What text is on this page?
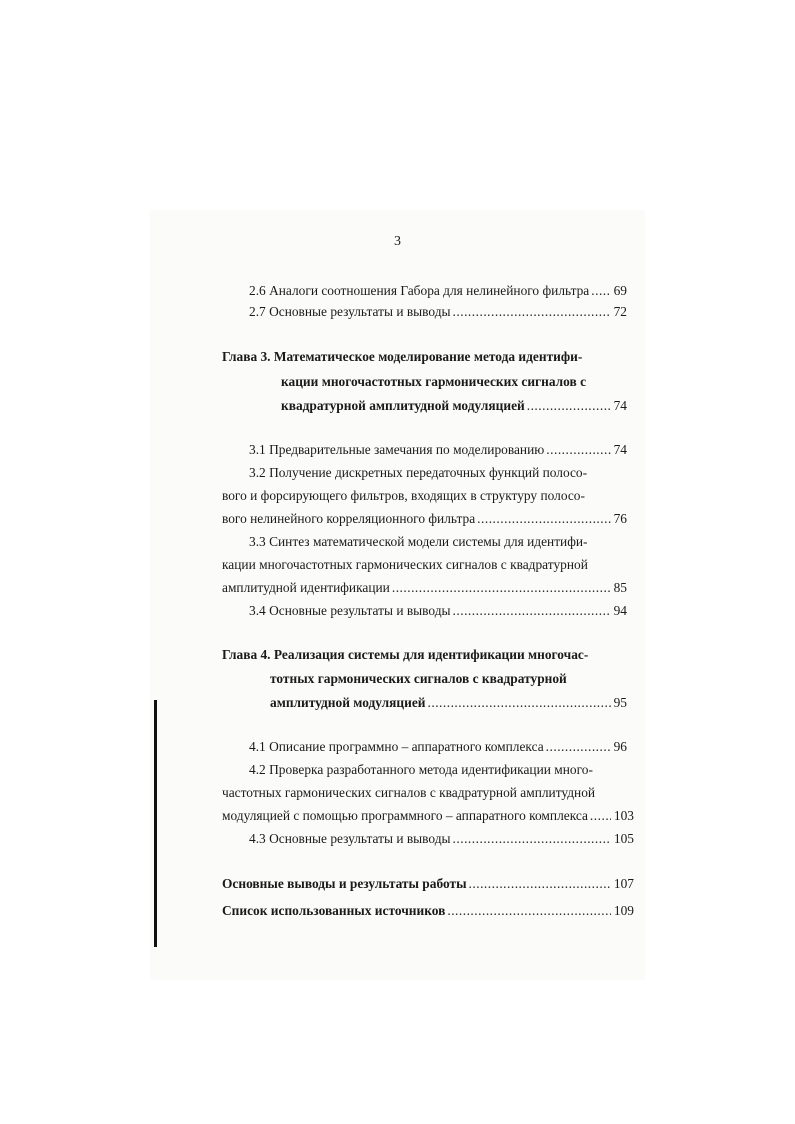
3
2.6 Аналоги соотношения Габора для нелинейного фильтра ..... 69
2.7 Основные результаты и выводы .....	72
Глава 3. Математическое моделирование метода идентифи-
кации многочастотных гармонических сигналов с
квадратурной амплитудной модуляцией .....	74
3.1 Предварительные замечания по моделированию .....	74
3.2 Получение дискретных передаточных функций полосо-
вого и форсирующего фильтров, входящих в структуру полосо-
вого нелинейного корреляционного фильтра .....	76
3.3 Синтез математической модели системы для идентифи-
кации многочастотных гармонических сигналов с квадратурной
амплитудной идентификации .....	85
3.4 Основные результаты и выводы .....	94
Глава 4. Реализация системы для идентификации многочас-
тотных гармонических сигналов с квадратурной
амплитудной модуляцией .....	95
4.1 Описание программно – аппаратного комплекса .....	96
4.2 Проверка разработанного метода идентификации много-
частотных гармонических сигналов с квадратурной амплитудной
модуляцией с помощью программного – аппаратного комплекса ..... 103
4.3 Основные результаты и выводы .....	105
Основные выводы и результаты работы .....	107
Список использованных источников .....	109
